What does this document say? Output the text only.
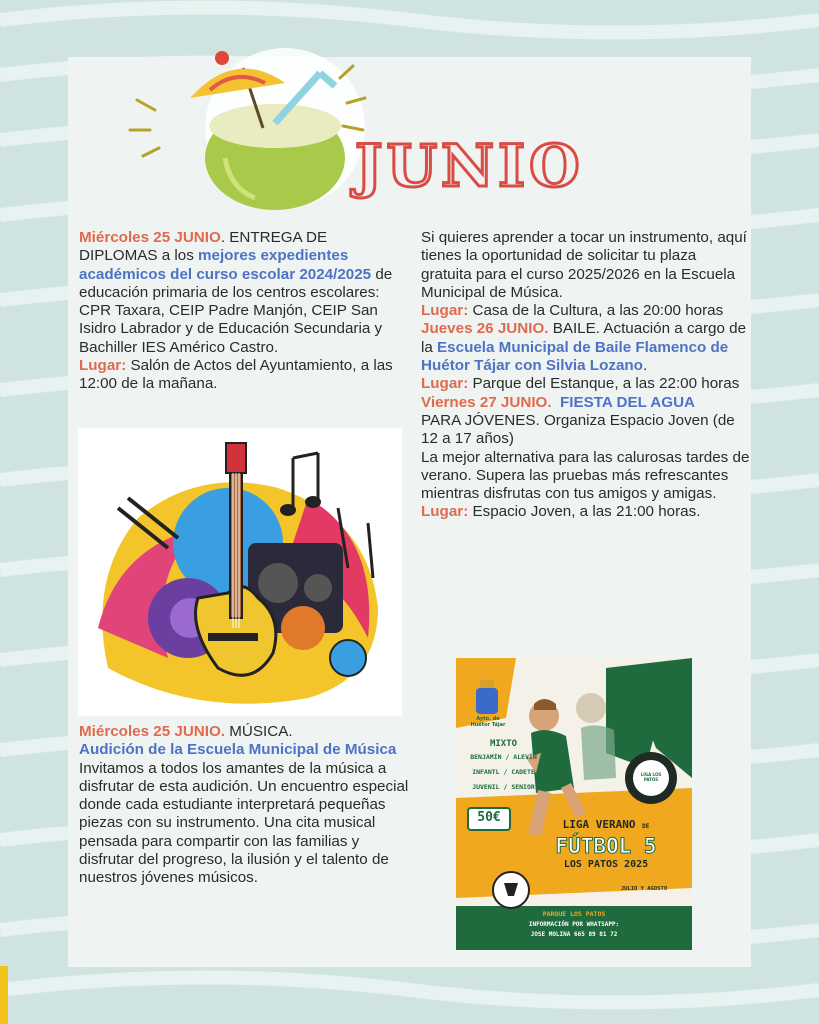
JUNIO

Miércoles 25 JUNIO. ENTREGA DE DIPLOMAS a los mejores expedientes académicos del curso escolar 2024/2025 de educación primaria de los centros escolares: CPR Taxara, CEIP Padre Manjón, CEIP San Isidro Labrador y de Educación Secundaria y Bachiller IES Américo Castro.
Lugar: Salón de Actos del Ayuntamiento, a las 12:00 de la mañana.

Miércoles 25 JUNIO. MÚSICA.
Audición de la Escuela Municipal de Música
Invitamos a todos los amantes de la música a disfrutar de esta audición. Un encuentro especial donde cada estudiante interpretará pequeñas piezas con su instrumento. Una cita musical pensada para compartir con las familias y disfrutar del progreso, la ilusión y el talento de nuestros jóvenes músicos.

Si quieres aprender a tocar un instrumento, aquí tienes la oportunidad de solicitar tu plaza gratuita para el curso 2025/2026 en la Escuela Municipal de Música.
Lugar: Casa de la Cultura, a las 20:00 horas

Jueves 26 JUNIO. BAILE. Actuación a cargo de la Escuela Municipal de Baile Flamenco de Huétor Tájar con Silvia Lozano.
Lugar: Parque del Estanque, a las 22:00 horas

Viernes 27 JUNIO.  FIESTA DEL AGUA
PARA JÓVENES. Organiza Espacio Joven (de 12 a 17 años)
La mejor alternativa para las calurosas tardes de verano. Supera las pruebas más refrescantes mientras disfrutas con tus amigos y amigas.
Lugar: Espacio Joven, a las 21:00 horas.

Ayto. de
Huétor Tájar
MIXTO
BENJAMÍN / ALEVÍN
INFANTL / CADETE
JUVENIL / SENIOR
LIGA LOS PATOS
50€	LIGA VERANO DE
FÚTBOL 5
LOS PATOS 2025
JULIO Y AGOSTO
PARQUE LOS PATOS
INFORMACIÓN POR WHATSAPP:
JOSE MOLINA 665 89 81 72
